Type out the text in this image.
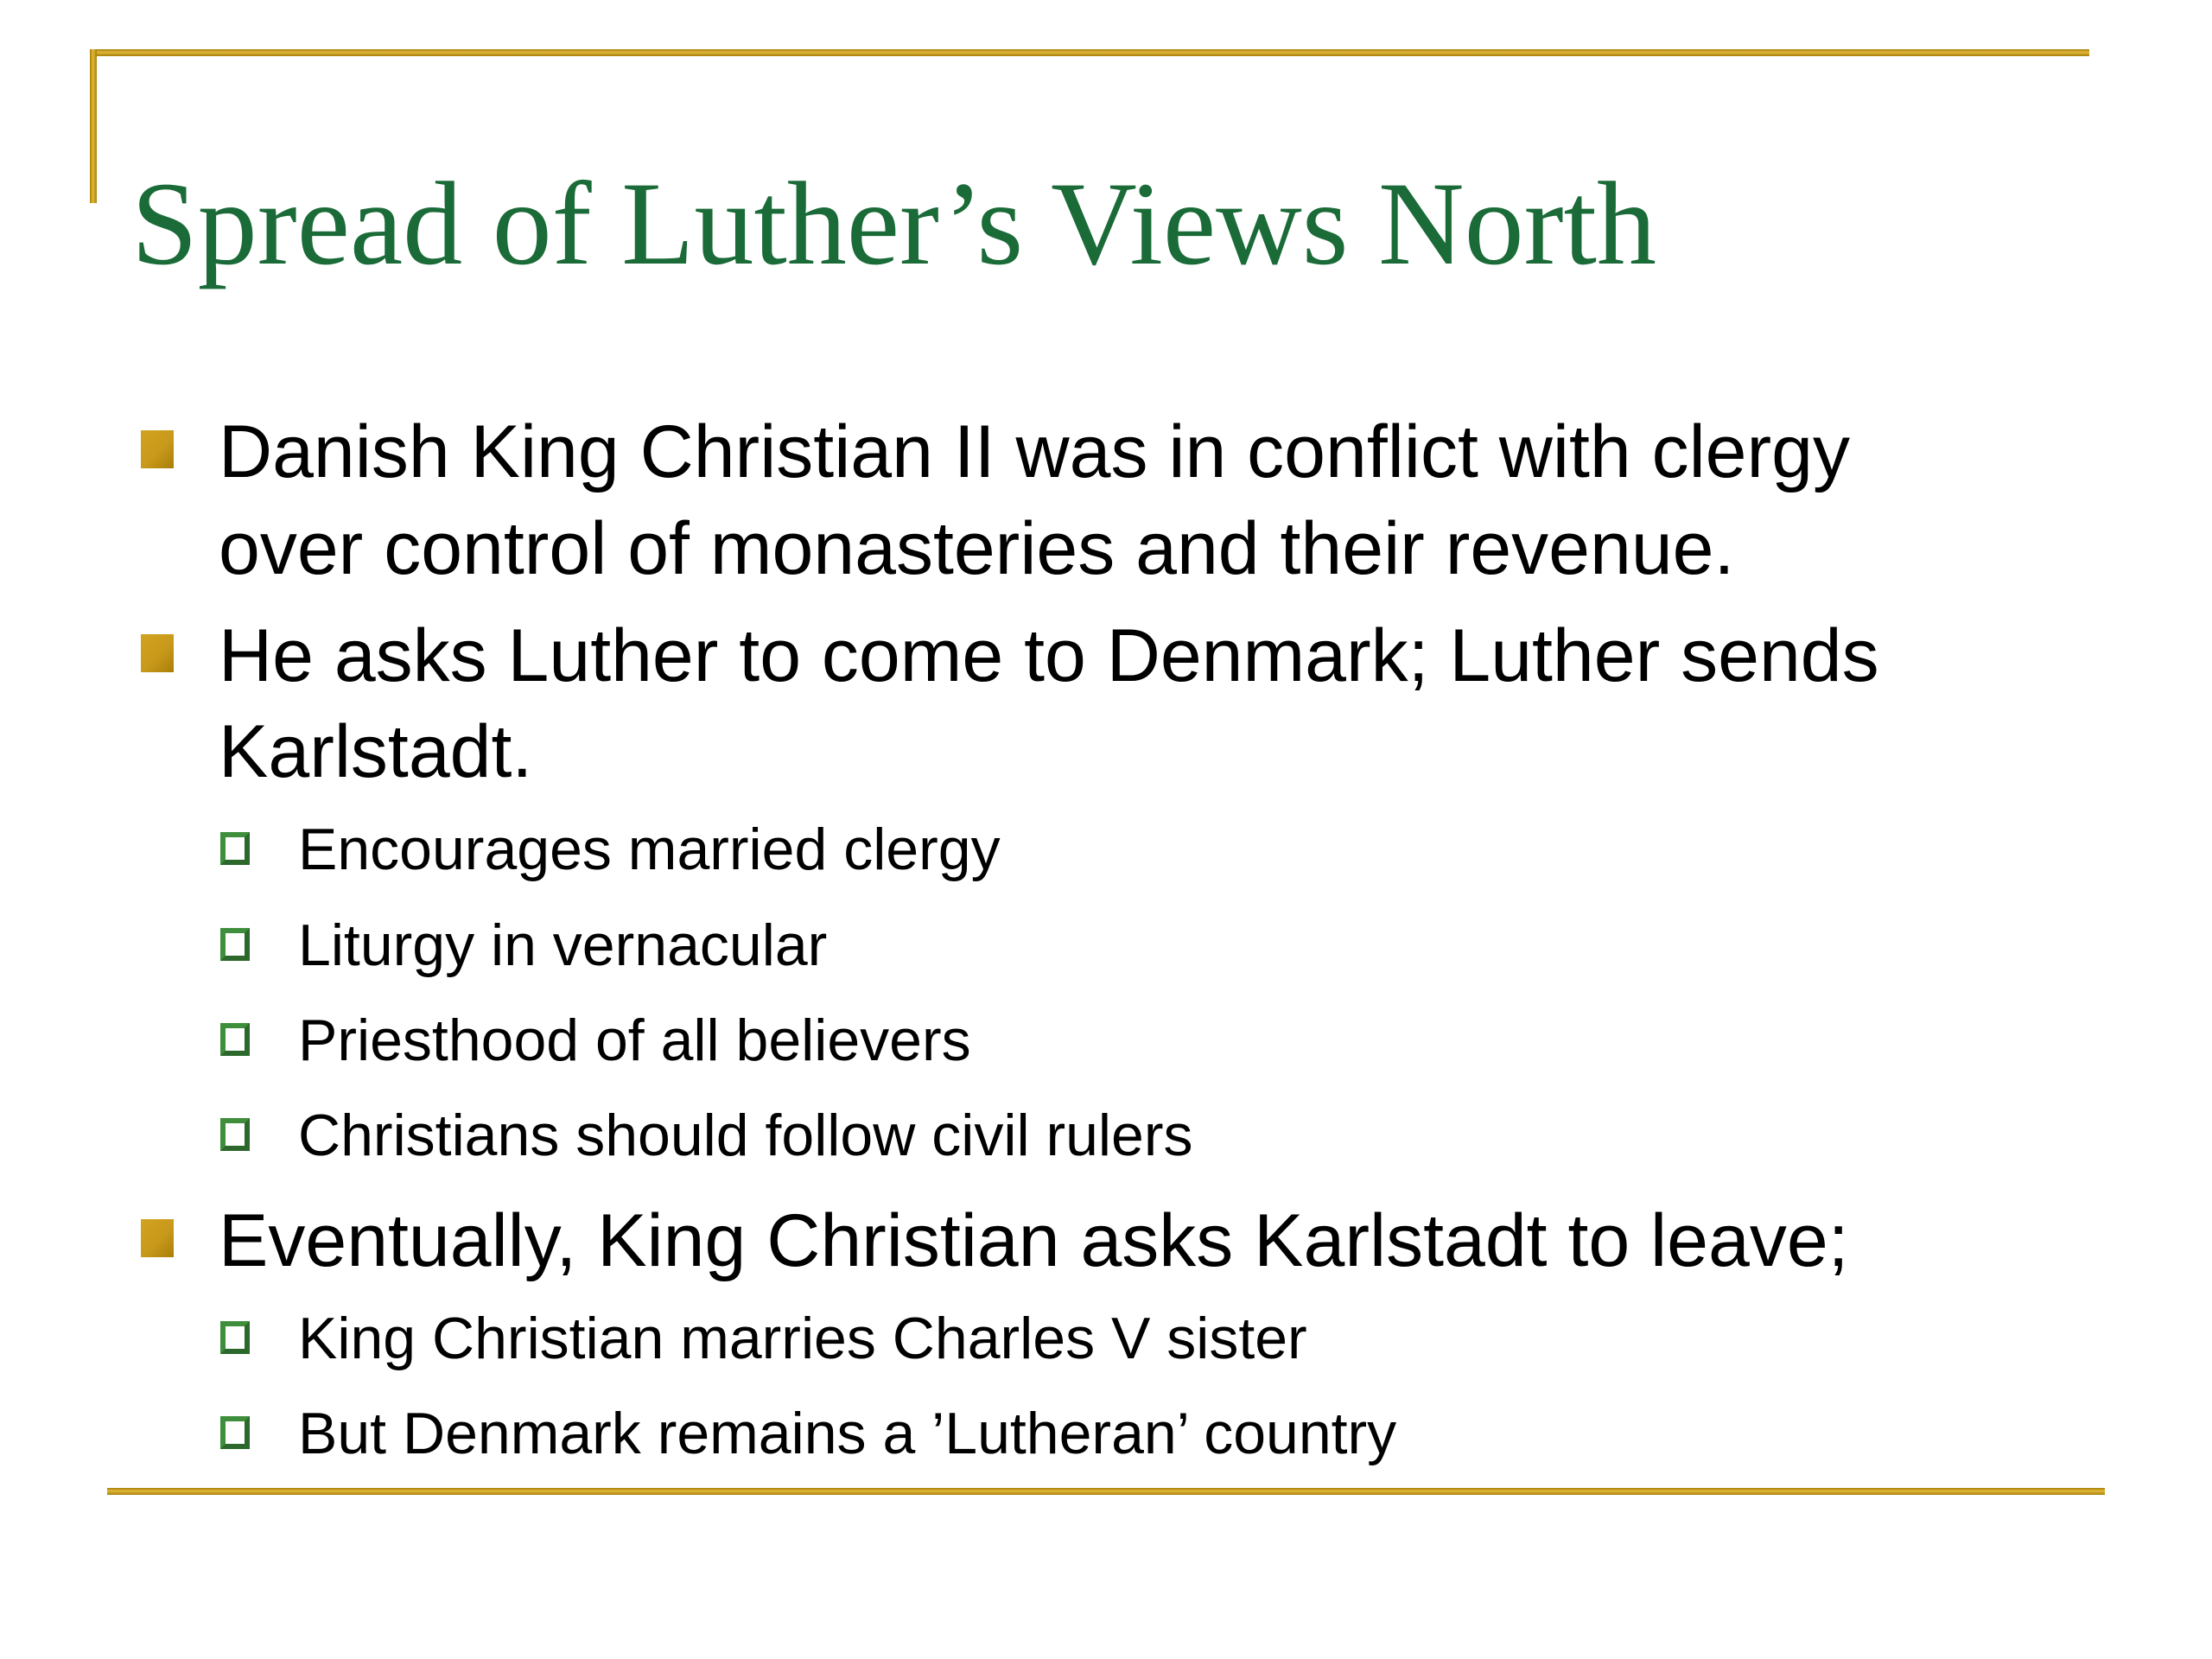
Spread of Luther’s Views North
Danish King Christian II was in conflict with clergy
over control of monasteries and their revenue.
He asks Luther to come to Denmark; Luther sends
Karlstadt.
Encourages married clergy
Liturgy in vernacular
Priesthood of all believers
Christians should follow civil rulers
Eventually, King Christian asks Karlstadt to leave;
King Christian marries Charles V sister
But Denmark remains a ’Lutheran’ country
